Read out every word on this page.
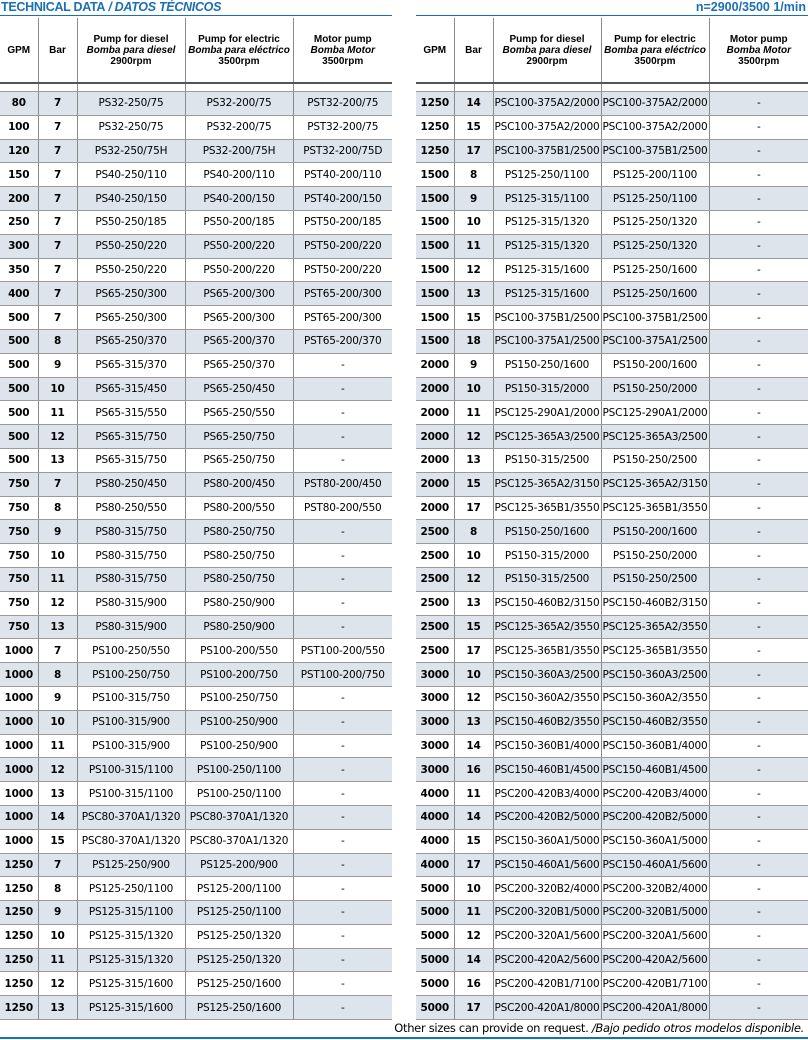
TECHNICAL DATA / DATOS TÉCNICOS	n=2900/3500 1/min
GPM	Bar	Pump for diesel
Bomba para diesel
2900rpm	Pump for electric
Bomba para eléctrico
3500rpm	Motor pump
Bomba Motor
3500rpm

80	7	PS32-250/75	PS32-200/75	PST32-200/75
100	7	PS32-250/75	PS32-200/75	PST32-200/75
120	7	PS32-250/75H	PS32-200/75H	PST32-200/75D
150	7	PS40-250/110	PS40-200/110	PST40-200/110
200	7	PS40-250/150	PS40-200/150	PST40-200/150
250	7	PS50-250/185	PS50-200/185	PST50-200/185
300	7	PS50-250/220	PS50-200/220	PST50-200/220
350	7	PS50-250/220	PS50-200/220	PST50-200/220
400	7	PS65-250/300	PS65-200/300	PST65-200/300
500	7	PS65-250/300	PS65-200/300	PST65-200/300
500	8	PS65-250/370	PS65-200/370	PST65-200/370
500	9	PS65-315/370	PS65-250/370	-
500	10	PS65-315/450	PS65-250/450	-
500	11	PS65-315/550	PS65-250/550	-
500	12	PS65-315/750	PS65-250/750	-
500	13	PS65-315/750	PS65-250/750	-
750	7	PS80-250/450	PS80-200/450	PST80-200/450
750	8	PS80-250/550	PS80-200/550	PST80-200/550
750	9	PS80-315/750	PS80-250/750	-
750	10	PS80-315/750	PS80-250/750	-
750	11	PS80-315/750	PS80-250/750	-
750	12	PS80-315/900	PS80-250/900	-
750	13	PS80-315/900	PS80-250/900	-
1000	7	PS100-250/550	PS100-200/550	PST100-200/550
1000	8	PS100-250/750	PS100-200/750	PST100-200/750
1000	9	PS100-315/750	PS100-250/750	-
1000	10	PS100-315/900	PS100-250/900	-
1000	11	PS100-315/900	PS100-250/900	-
1000	12	PS100-315/1100	PS100-250/1100	-
1000	13	PS100-315/1100	PS100-250/1100	-
1000	14	PSC80-370A1/1320	PSC80-370A1/1320	-
1000	15	PSC80-370A1/1320	PSC80-370A1/1320	-
1250	7	PS125-250/900	PS125-200/900	-
1250	8	PS125-250/1100	PS125-200/1100	-
1250	9	PS125-315/1100	PS125-250/1100	-
1250	10	PS125-315/1320	PS125-250/1320	-
1250	11	PS125-315/1320	PS125-250/1320	-
1250	12	PS125-315/1600	PS125-250/1600	-
1250	13	PS125-315/1600	PS125-250/1600	-
GPM	Bar	Pump for diesel
Bomba para diesel
2900rpm	Pump for electric
Bomba para eléctrico
3500rpm	Motor pump
Bomba Motor
3500rpm

1250	14	PSC100-375A2/2000	PSC100-375A2/2000	-
1250	15	PSC100-375A2/2000	PSC100-375A2/2000	-
1250	17	PSC100-375B1/2500	PSC100-375B1/2500	-
1500	8	PS125-250/1100	PS125-200/1100	-
1500	9	PS125-315/1100	PS125-250/1100	-
1500	10	PS125-315/1320	PS125-250/1320	-
1500	11	PS125-315/1320	PS125-250/1320	-
1500	12	PS125-315/1600	PS125-250/1600	-
1500	13	PS125-315/1600	PS125-250/1600	-
1500	15	PSC100-375B1/2500	PSC100-375B1/2500	-
1500	18	PSC100-375A1/2500	PSC100-375A1/2500	-
2000	9	PS150-250/1600	PS150-200/1600	-
2000	10	PS150-315/2000	PS150-250/2000	-
2000	11	PSC125-290A1/2000	PSC125-290A1/2000	-
2000	12	PSC125-365A3/2500	PSC125-365A3/2500	-
2000	13	PS150-315/2500	PS150-250/2500	-
2000	15	PSC125-365A2/3150	PSC125-365A2/3150	-
2000	17	PSC125-365B1/3550	PSC125-365B1/3550	-
2500	8	PS150-250/1600	PS150-200/1600	-
2500	10	PS150-315/2000	PS150-250/2000	-
2500	12	PS150-315/2500	PS150-250/2500	-
2500	13	PSC150-460B2/3150	PSC150-460B2/3150	-
2500	15	PSC125-365A2/3550	PSC125-365A2/3550	-
2500	17	PSC125-365B1/3550	PSC125-365B1/3550	-
3000	10	PSC150-360A3/2500	PSC150-360A3/2500	-
3000	12	PSC150-360A2/3550	PSC150-360A2/3550	-
3000	13	PSC150-460B2/3550	PSC150-460B2/3550	-
3000	14	PSC150-360B1/4000	PSC150-360B1/4000	-
3000	16	PSC150-460B1/4500	PSC150-460B1/4500	-
4000	11	PSC200-420B3/4000	PSC200-420B3/4000	-
4000	14	PSC200-420B2/5000	PSC200-420B2/5000	-
4000	15	PSC150-360A1/5000	PSC150-360A1/5000	-
4000	17	PSC150-460A1/5600	PSC150-460A1/5600	-
5000	10	PSC200-320B2/4000	PSC200-320B2/4000	-
5000	11	PSC200-320B1/5000	PSC200-320B1/5000	-
5000	12	PSC200-320A1/5600	PSC200-320A1/5600	-
5000	14	PSC200-420A2/5600	PSC200-420A2/5600	-
5000	16	PSC200-420B1/7100	PSC200-420B1/7100	-
5000	17	PSC200-420A1/8000	PSC200-420A1/8000	-
Other sizes can provide on request. /Bajo pedido otros modelos disponible.
